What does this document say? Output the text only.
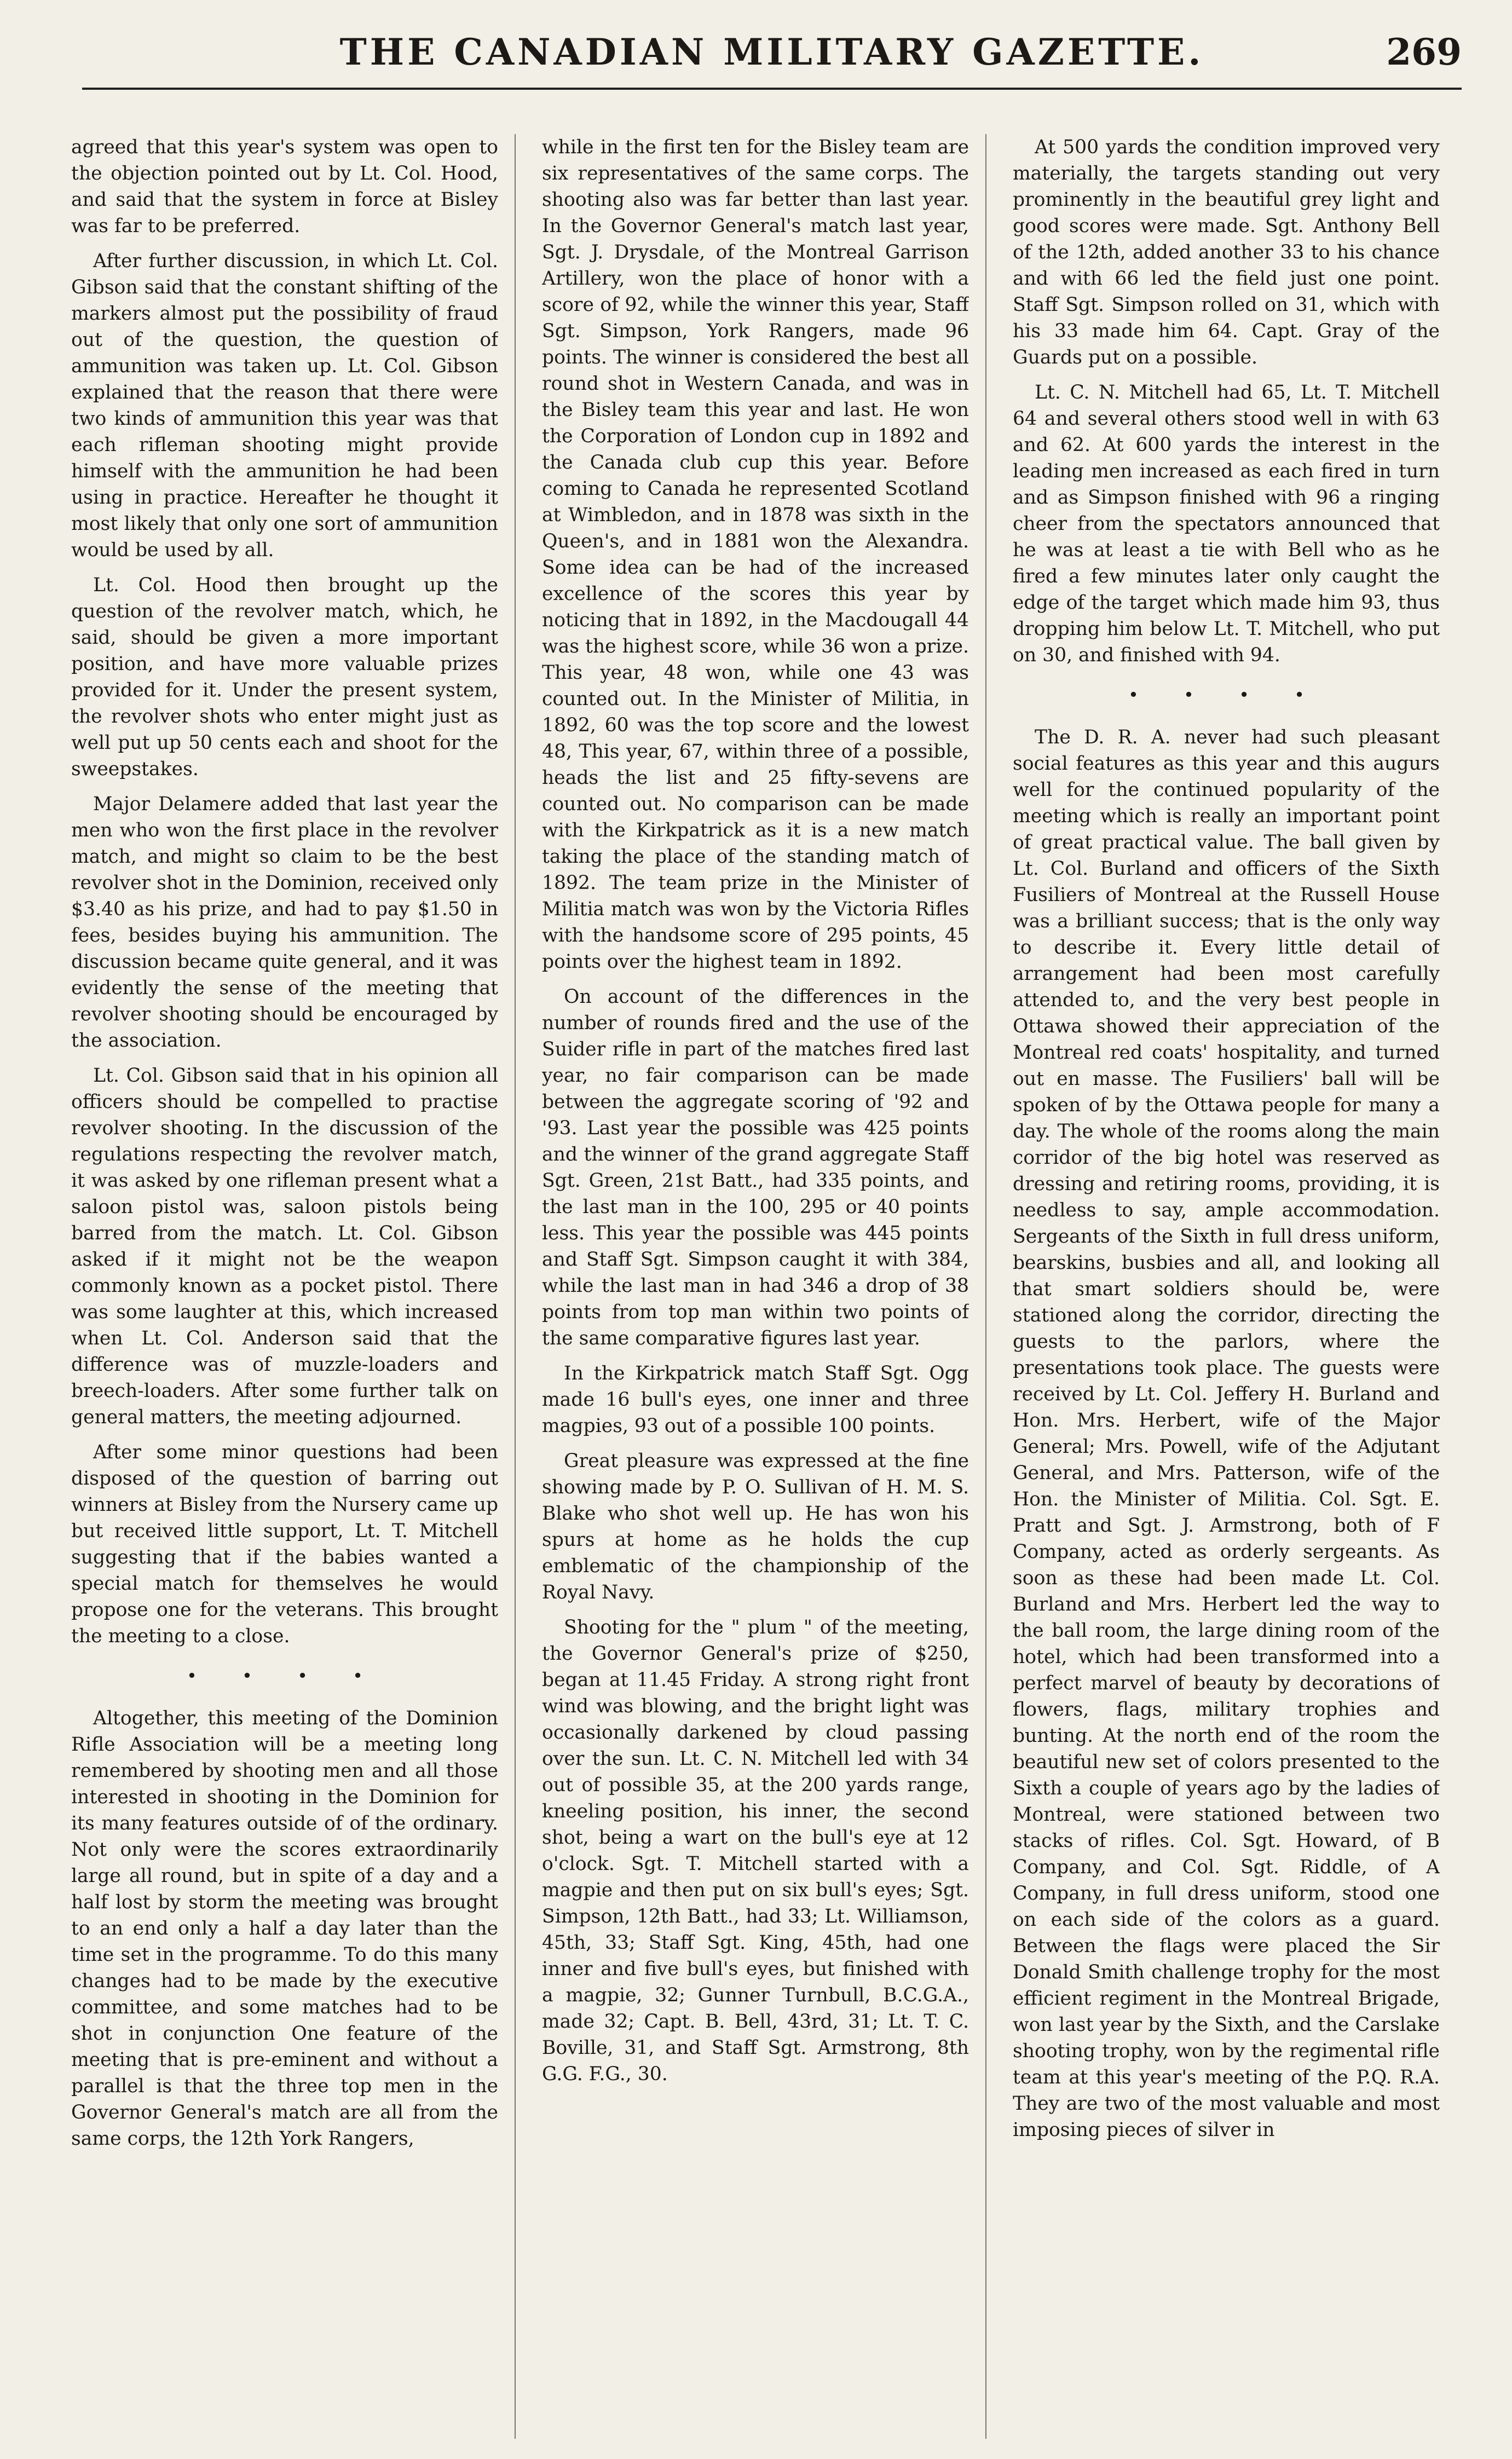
THE CANADIAN MILITARY GAZETTE.	269

agreed that this year's system was open to the objection pointed out by Lt. Col. Hood, and said that the system in force at Bisley was far to be preferred.

After further discussion, in which Lt. Col. Gibson said that the constant shifting of the markers almost put the possibility of fraud out of the question, the question of ammunition was taken up. Lt. Col. Gibson explained that the reason that there were two kinds of ammunition this year was that each rifleman shooting might provide himself with the ammunition he had been using in practice. Hereafter he thought it most likely that only one sort of ammunition would be used by all.

Lt. Col. Hood then brought up the question of the revolver match, which, he said, should be given a more important position, and have more valuable prizes provided for it. Under the present system, the revolver shots who enter might just as well put up 50 cents each and shoot for the sweepstakes.

Major Delamere added that last year the men who won the first place in the revolver match, and might so claim to be the best revolver shot in the Dominion, received only $3.40 as his prize, and had to pay $1.50 in fees, besides buying his ammunition. The discussion became quite general, and it was evidently the sense of the meeting that revolver shooting should be encouraged by the association.

Lt. Col. Gibson said that in his opinion all officers should be compelled to practise revolver shooting. In the discussion of the regulations respecting the revolver match, it was asked by one rifleman present what a saloon pistol was, saloon pistols being barred from the match. Lt. Col. Gibson asked if it might not be the weapon commonly known as a pocket pistol. There was some laughter at this, which increased when Lt. Col. Anderson said that the difference was of muzzle-loaders and breech-loaders. After some further talk on general matters, the meeting adjourned.

After some minor questions had been disposed of the question of barring out winners at Bisley from the Nursery came up but received little support, Lt. T. Mitchell suggesting that if the babies wanted a special match for themselves he would propose one for the veterans. This brought the meeting to a close.

• • • •

Altogether, this meeting of the Dominion Rifle Association will be a meeting long remembered by shooting men and all those interested in shooting in the Dominion for its many features outside of of the ordinary. Not only were the scores extraordinarily large all round, but in spite of a day and a half lost by storm the meeting was brought to an end only a half a day later than the time set in the programme. To do this many changes had to be made by the executive committee, and some matches had to be shot in conjunction One feature of the meeting that is pre-eminent and without a parallel is that the three top men in the Governor General's match are all from the same corps, the 12th York Rangers,

while in the first ten for the Bisley team are six representatives of the same corps. The shooting also was far better than last year. In the Governor General's match last year, Sgt. J. Drysdale, of the Montreal Garrison Artillery, won the place of honor with a score of 92, while the winner this year, Staff Sgt. Simpson, York Rangers, made 96 points. The winner is considered the best all round shot in Western Canada, and was in the Bisley team this year and last. He won the Corporation of London cup in 1892 and the Canada club cup this year. Before coming to Canada he represented Scotland at Wimbledon, and in 1878 was sixth in the Queen's, and in 1881 won the Alexandra. Some idea can be had of the increased excellence of the scores this year by noticing that in 1892, in the Macdougall 44 was the highest score, while 36 won a prize. This year, 48 won, while one 43 was counted out. In the Minister of Militia, in 1892, 60 was the top score and the lowest 48, This year, 67, within three of a possible, heads the list and 25 fifty-sevens are counted out. No comparison can be made with the Kirkpatrick as it is a new match taking the place of the standing match of 1892. The team prize in the Minister of Militia match was won by the Victoria Rifles with the handsome score of 295 points, 45 points over the highest team in 1892.

On account of the differences in the number of rounds fired and the use of the Suider rifle in part of the matches fired last year, no fair comparison can be made between the aggregate scoring of '92 and '93. Last year the possible was 425 points and the winner of the grand aggregate Staff Sgt. Green, 21st Batt., had 335 points, and the last man in the 100, 295 or 40 points less. This year the possible was 445 points and Staff Sgt. Simpson caught it with 384, while the last man in had 346 a drop of 38 points from top man within two points of the same comparative figures last year.

In the Kirkpatrick match Staff Sgt. Ogg made 16 bull's eyes, one inner and three magpies, 93 out of a possible 100 points.

Great pleasure was expressed at the fine showing made by P. O. Sullivan of H. M. S. Blake who shot well up. He has won his spurs at home as he holds the cup emblematic of the championship of the Royal Navy.

Shooting for the " plum " of the meeting, the Governor General's prize of $250, began at 11.45 Friday. A strong right front wind was blowing, and the bright light was occasionally darkened by cloud passing over the sun. Lt. C. N. Mitchell led with 34 out of possible 35, at the 200 yards range, kneeling position, his inner, the second shot, being a wart on the bull's eye at 12 o'clock. Sgt. T. Mitchell started with a magpie and then put on six bull's eyes; Sgt. Simpson, 12th Batt., had 33; Lt. Williamson, 45th, 33; Staff Sgt. King, 45th, had one inner and five bull's eyes, but finished with a magpie, 32; Gunner Turnbull, B.C.G.A., made 32; Capt. B. Bell, 43rd, 31; Lt. T. C. Boville, 31, and Staff Sgt. Armstrong, 8th G.G. F.G., 30.

At 500 yards the condition improved very materially, the targets standing out very prominently in the beautiful grey light and good scores were made. Sgt. Anthony Bell of the 12th, added another 33 to his chance and with 66 led the field just one point. Staff Sgt. Simpson rolled on 31, which with his 33 made him 64. Capt. Gray of the Guards put on a possible.

Lt. C. N. Mitchell had 65, Lt. T. Mitchell 64 and several others stood well in with 63 and 62. At 600 yards the interest in the leading men increased as each fired in turn and as Simpson finished with 96 a ringing cheer from the spectators announced that he was at least a tie with Bell who as he fired a few minutes later only caught the edge of the target which made him 93, thus dropping him below Lt. T. Mitchell, who put on 30, and finished with 94.

• • • •

The D. R. A. never had such pleasant social features as this year and this augurs well for the continued popularity of the meeting which is really an important point of great practical value. The ball given by Lt. Col. Burland and officers of the Sixth Fusiliers of Montreal at the Russell House was a brilliant success; that is the only way to describe it. Every little detail of arrangement had been most carefully attended to, and the very best people in Ottawa showed their appreciation of the Montreal red coats' hospitality, and turned out en masse. The Fusiliers' ball will be spoken of by the Ottawa people for many a day. The whole of the rooms along the main corridor of the big hotel was reserved as dressing and retiring rooms, providing, it is needless to say, ample accommodation. Sergeants of the Sixth in full dress uniform, bearskins, busbies and all, and looking all that smart soldiers should be, were stationed along the corridor, directing the guests to the parlors, where the presentations took place. The guests were received by Lt. Col. Jeffery H. Burland and Hon. Mrs. Herbert, wife of the Major General; Mrs. Powell, wife of the Adjutant General, and Mrs. Patterson, wife of the Hon. the Minister of Militia. Col. Sgt. E. Pratt and Sgt. J. Armstrong, both of F Company, acted as orderly sergeants. As soon as these had been made Lt. Col. Burland and Mrs. Herbert led the way to the ball room, the large dining room of the hotel, which had been transformed into a perfect marvel of beauty by decorations of flowers, flags, military trophies and bunting. At the north end of the room the beautiful new set of colors presented to the Sixth a couple of years ago by the ladies of Montreal, were stationed between two stacks of rifles. Col. Sgt. Howard, of B Company, and Col. Sgt. Riddle, of A Company, in full dress uniform, stood one on each side of the colors as a guard. Between the flags were placed the Sir Donald Smith challenge trophy for the most efficient regiment in the Montreal Brigade, won last year by the Sixth, and the Carslake shooting trophy, won by the regimental rifle team at this year's meeting of the P.Q. R.A. They are two of the most valuable and most imposing pieces of silver in
